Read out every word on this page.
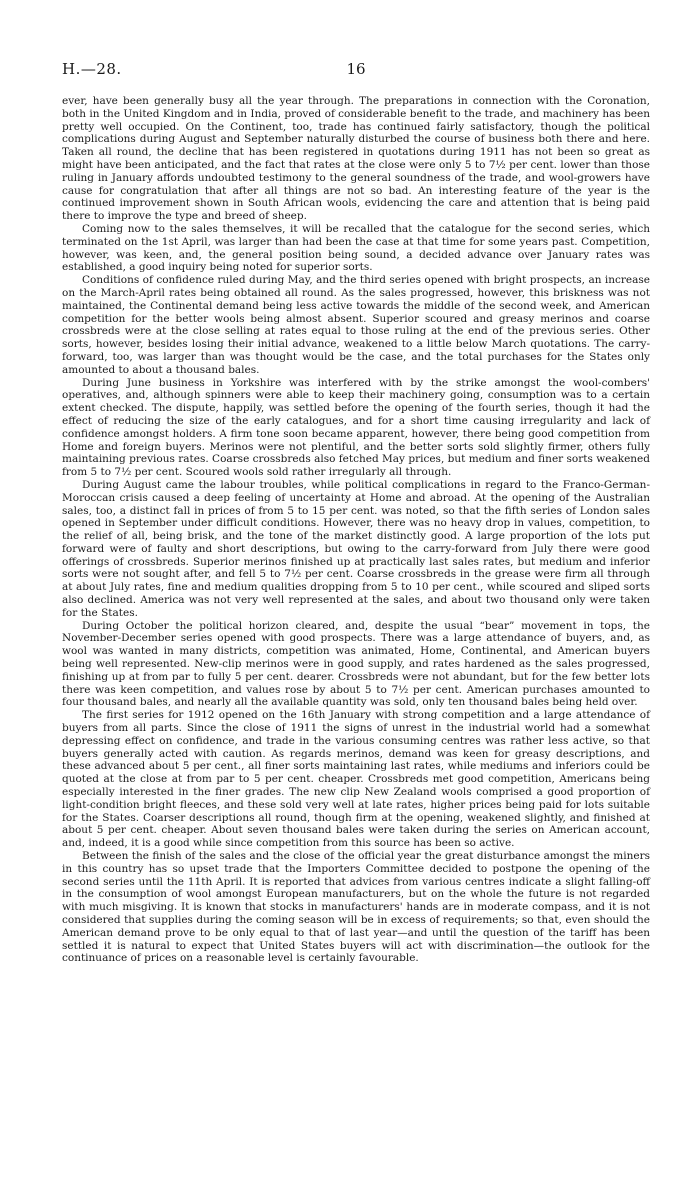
H.—28.	16

ever, have been generally busy all the year through. The preparations in connection with the Coronation, both in the United Kingdom and in India, proved of considerable benefit to the trade, and machinery has been pretty well occupied. On the Continent, too, trade has continued fairly satisfactory, though the political complications during August and September naturally disturbed the course of business both there and here. Taken all round, the decline that has been registered in quotations during 1911 has not been so great as might have been anticipated, and the fact that rates at the close were only 5 to 7½ per cent. lower than those ruling in January affords undoubted testimony to the general soundness of the trade, and wool-growers have cause for congratulation that after all things are not so bad. An interesting feature of the year is the continued improvement shown in South African wools, evidencing the care and attention that is being paid there to improve the type and breed of sheep.

Coming now to the sales themselves, it will be recalled that the catalogue for the second series, which terminated on the 1st April, was larger than had been the case at that time for some years past. Competition, however, was keen, and, the general position being sound, a decided advance over January rates was established, a good inquiry being noted for superior sorts.

Conditions of confidence ruled during May, and the third series opened with bright prospects, an increase on the March-April rates being obtained all round. As the sales progressed, however, this briskness was not maintained, the Continental demand being less active towards the middle of the second week, and American competition for the better wools being almost absent. Superior scoured and greasy merinos and coarse crossbreds were at the close selling at rates equal to those ruling at the end of the previous series. Other sorts, however, besides losing their initial advance, weakened to a little below March quotations. The carry-forward, too, was larger than was thought would be the case, and the total purchases for the States only amounted to about a thousand bales.

During June business in Yorkshire was interfered with by the strike amongst the wool-combers' operatives, and, although spinners were able to keep their machinery going, consumption was to a certain extent checked. The dispute, happily, was settled before the opening of the fourth series, though it had the effect of reducing the size of the early catalogues, and for a short time causing irregularity and lack of confidence amongst holders. A firm tone soon became apparent, however, there being good competition from Home and foreign buyers. Merinos were not plentiful, and the better sorts sold slightly firmer, others fully maintaining previous rates. Coarse crossbreds also fetched May prices, but medium and finer sorts weakened from 5 to 7½ per cent. Scoured wools sold rather irregularly all through.

During August came the labour troubles, while political complications in regard to the Franco-German-Moroccan crisis caused a deep feeling of uncertainty at Home and abroad. At the opening of the Australian sales, too, a distinct fall in prices of from 5 to 15 per cent. was noted, so that the fifth series of London sales opened in September under difficult conditions. However, there was no heavy drop in values, competition, to the relief of all, being brisk, and the tone of the market distinctly good. A large proportion of the lots put forward were of faulty and short descriptions, but owing to the carry-forward from July there were good offerings of crossbreds. Superior merinos finished up at practically last sales rates, but medium and inferior sorts were not sought after, and fell 5 to 7½ per cent. Coarse crossbreds in the grease were firm all through at about July rates, fine and medium qualities dropping from 5 to 10 per cent., while scoured and sliped sorts also declined. America was not very well represented at the sales, and about two thousand only were taken for the States.

During October the political horizon cleared, and, despite the usual “bear” movement in tops, the November-December series opened with good prospects. There was a large attendance of buyers, and, as wool was wanted in many districts, competition was animated, Home, Continental, and American buyers being well represented. New-clip merinos were in good supply, and rates hardened as the sales progressed, finishing up at from par to fully 5 per cent. dearer. Crossbreds were not abundant, but for the few better lots there was keen competition, and values rose by about 5 to 7½ per cent. American purchases amounted to four thousand bales, and nearly all the available quantity was sold, only ten thousand bales being held over.

The first series for 1912 opened on the 16th January with strong competition and a large attendance of buyers from all parts. Since the close of 1911 the signs of unrest in the industrial world had a somewhat depressing effect on confidence, and trade in the various consuming centres was rather less active, so that buyers generally acted with caution. As regards merinos, demand was keen for greasy descriptions, and these advanced about 5 per cent., all finer sorts maintaining last rates, while mediums and inferiors could be quoted at the close at from par to 5 per cent. cheaper. Crossbreds met good competition, Americans being especially interested in the finer grades. The new clip New Zealand wools comprised a good proportion of light-condition bright fleeces, and these sold very well at late rates, higher prices being paid for lots suitable for the States. Coarser descriptions all round, though firm at the opening, weakened slightly, and finished at about 5 per cent. cheaper. About seven thousand bales were taken during the series on American account, and, indeed, it is a good while since competition from this source has been so active.

Between the finish of the sales and the close of the official year the great disturbance amongst the miners in this country has so upset trade that the Importers Committee decided to postpone the opening of the second series until the 11th April. It is reported that advices from various centres indicate a slight falling-off in the consumption of wool amongst European manufacturers, but on the whole the future is not regarded with much misgiving. It is known that stocks in manufacturers' hands are in moderate compass, and it is not considered that supplies during the coming season will be in excess of requirements; so that, even should the American demand prove to be only equal to that of last year—and until the question of the tariff has been settled it is natural to expect that United States buyers will act with discrimination—the outlook for the continuance of prices on a reasonable level is certainly favourable.
